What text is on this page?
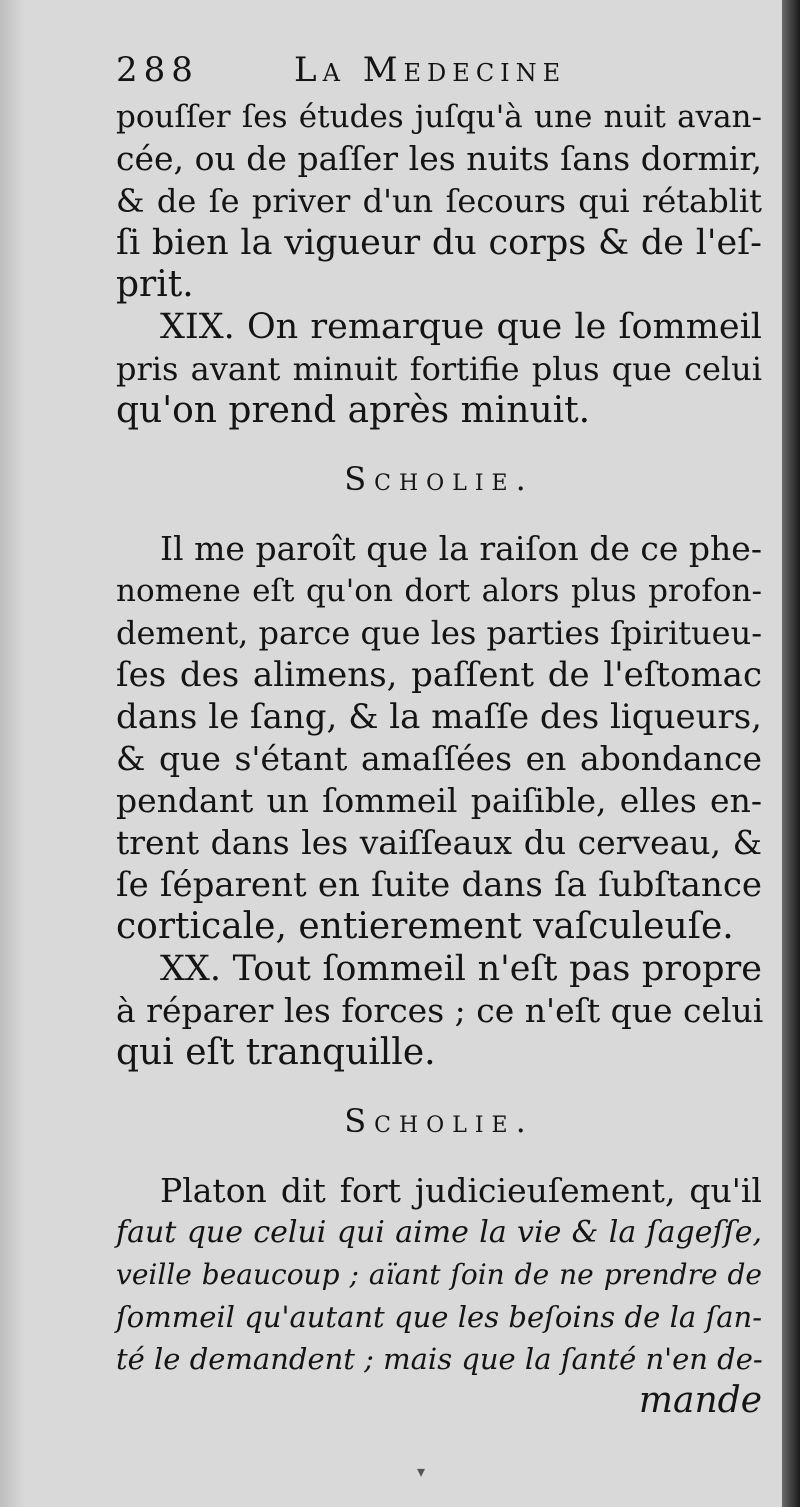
288	La Medecine
pouſſer ſes études juſqu'à une nuit avan-
cée, ou de paſſer les nuits ſans dormir,
& de ſe priver d'un ſecours qui rétablit
ſi bien la vigueur du corps & de l'eſ-
prit.
XIX. On remarque que le ſommeil
pris avant minuit fortifie plus que celui
qu'on prend après minuit.
Scholie.
Il me paroît que la raiſon de ce phe-
nomene eſt qu'on dort alors plus profon-
dement, parce que les parties ſpiritueu-
ſes des alimens, paſſent de l'eſtomac
dans le ſang, & la maſſe des liqueurs,
& que s'étant amaſſées en abondance
pendant un ſommeil paiſible, elles en-
trent dans les vaiſſeaux du cerveau, &
ſe ſéparent en ſuite dans ſa ſubſtance
corticale, entierement vaſculeuſe.
XX. Tout ſommeil n'eſt pas propre
à réparer les forces ; ce n'eſt que celui
qui eſt tranquille.
Scholie.
Platon dit fort judicieuſement, qu'il
faut que celui qui aime la vie & la ſageſſe,
veille beaucoup ; aïant ſoin de ne prendre de
ſommeil qu'autant que les beſoins de la ſan-
té le demandent ; mais que la ſanté n'en de-
mande
▾
